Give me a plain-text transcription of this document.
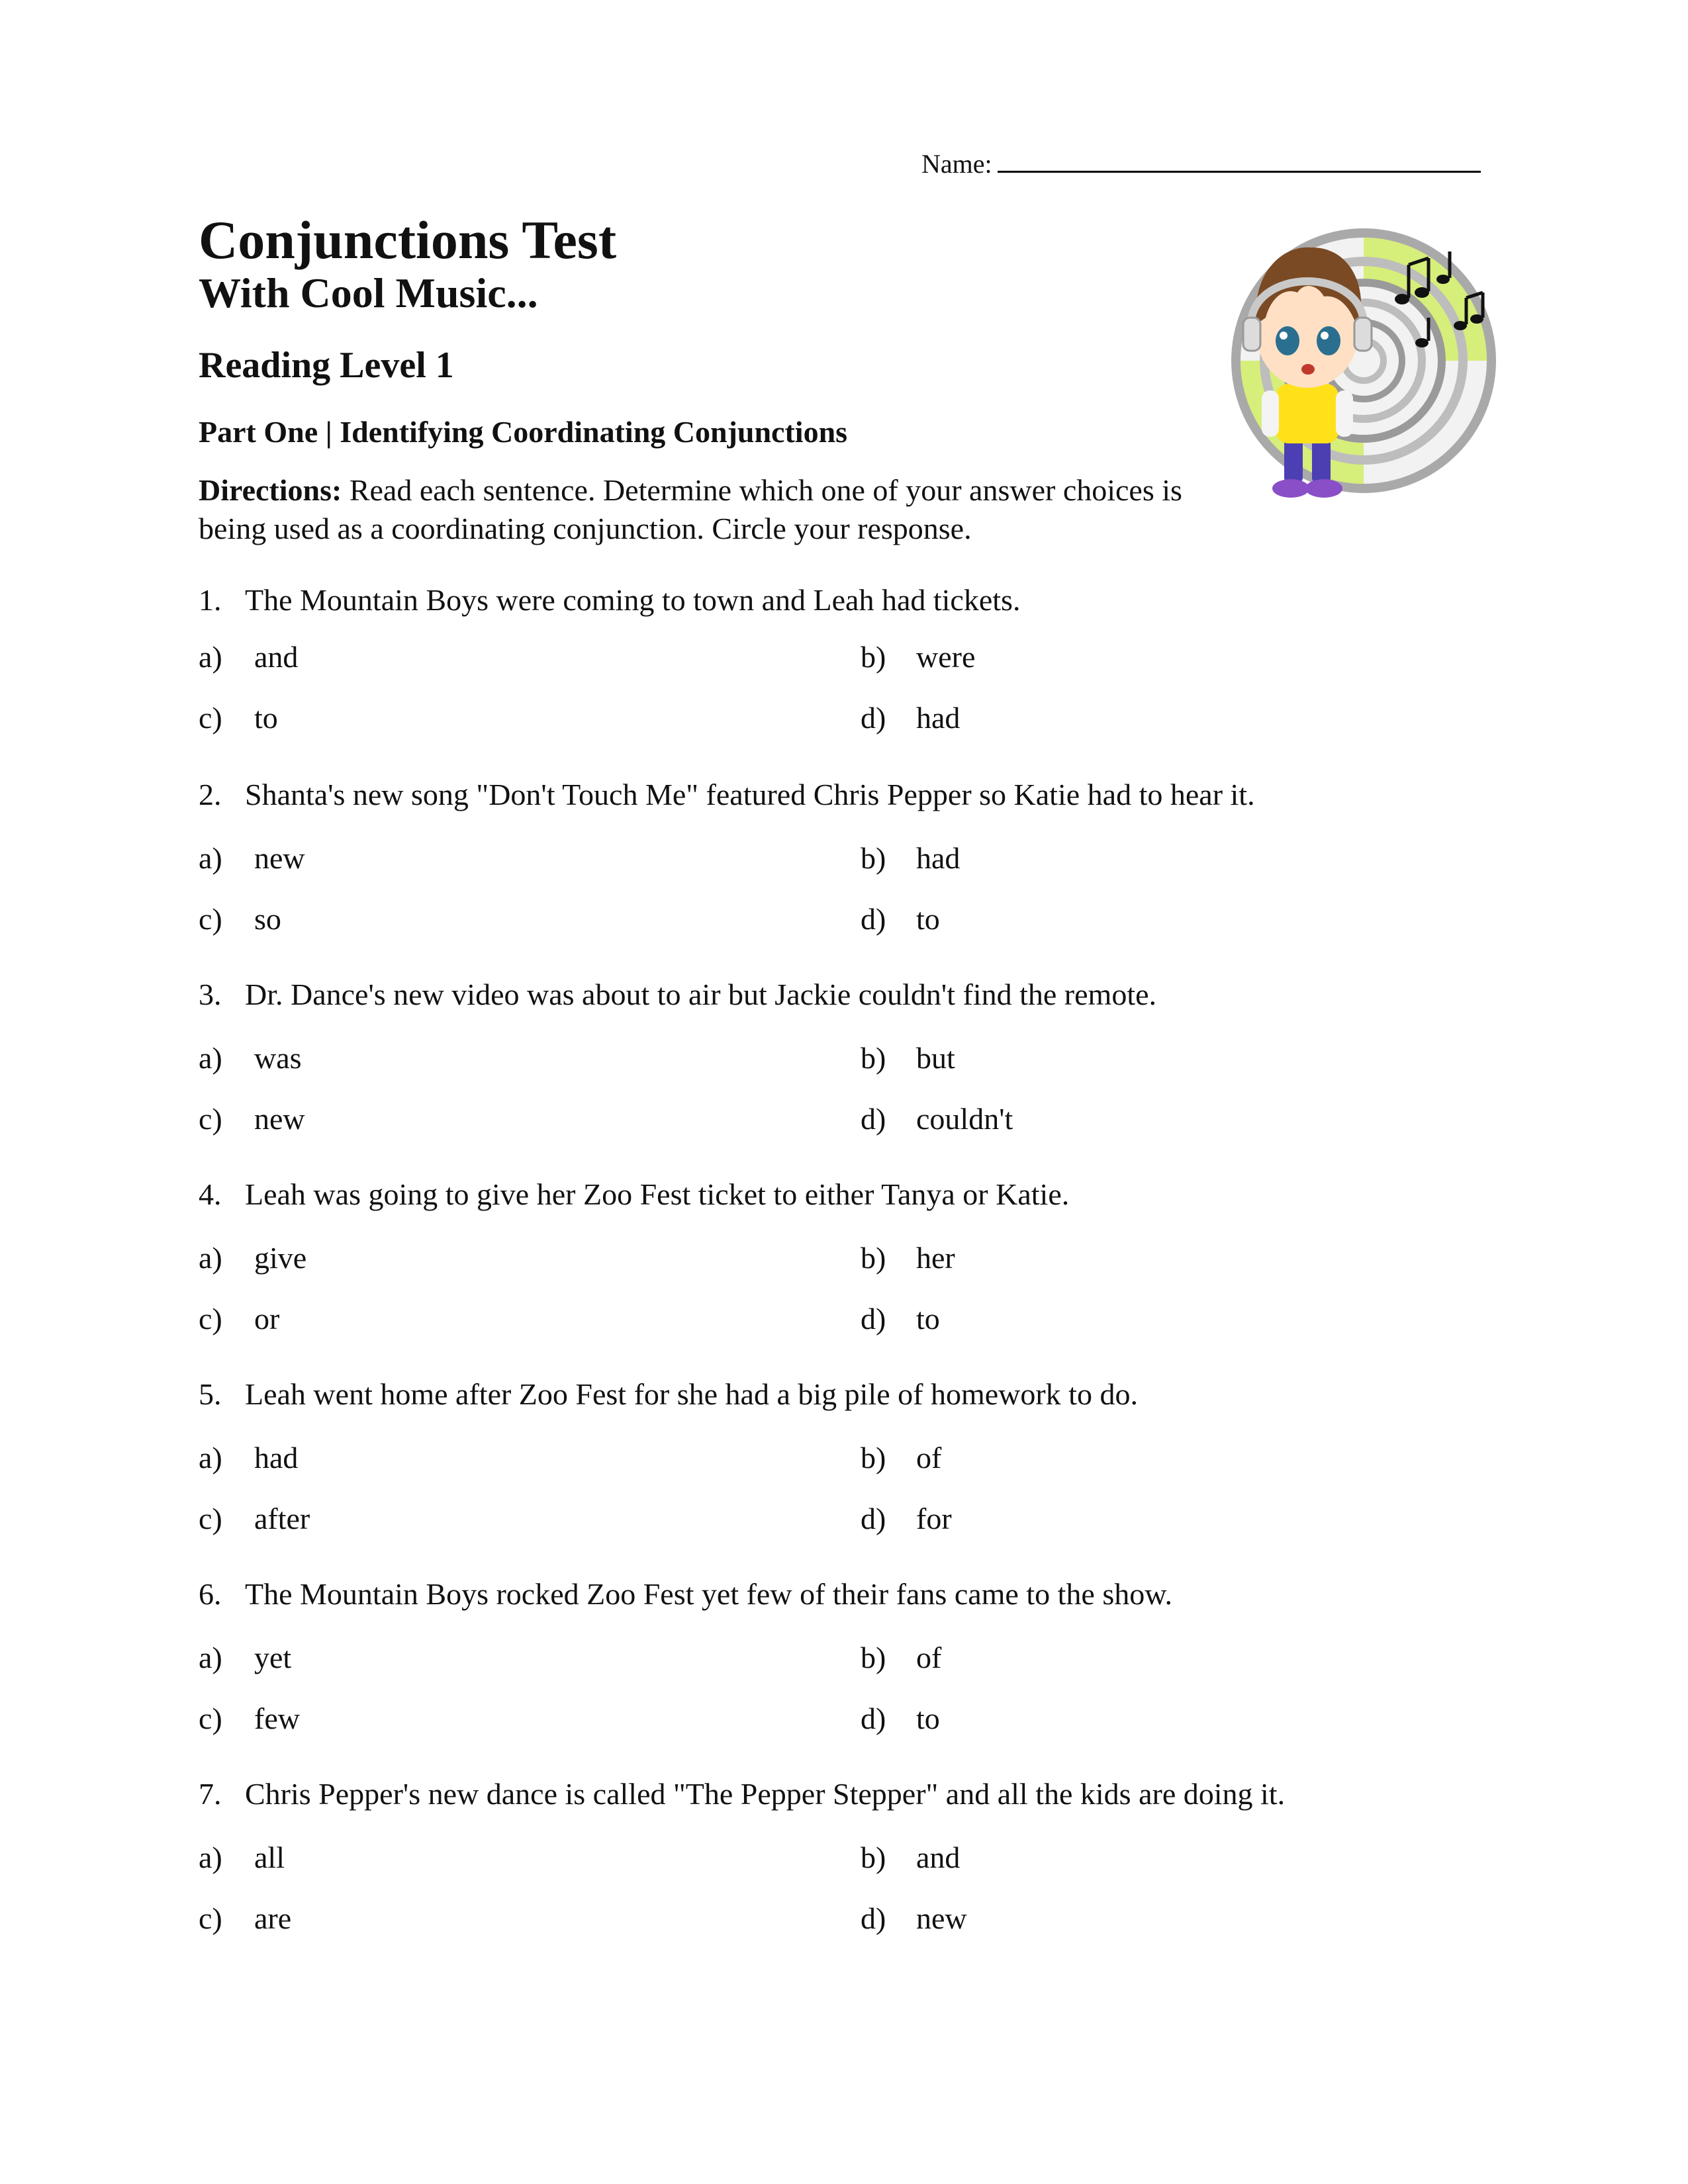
Name:
Conjunctions Test
With Cool Music...
Reading Level 1
Part One | Identifying Coordinating Conjunctions
Directions: Read each sentence. Determine which one of your answer choices is being used as a coordinating conjunction. Circle your response.
1. The Mountain Boys were coming to town and Leah had tickets.
a) and	b) were
c) to	d) had
2. Shanta's new song "Don't Touch Me" featured Chris Pepper so Katie had to hear it.
a) new	b) had
c) so	d) to
3. Dr. Dance's new video was about to air but Jackie couldn't find the remote.
a) was	b) but
c) new	d) couldn't
4. Leah was going to give her Zoo Fest ticket to either Tanya or Katie.
a) give	b) her
c) or	d) to
5. Leah went home after Zoo Fest for she had a big pile of homework to do.
a) had	b) of
c) after	d) for
6. The Mountain Boys rocked Zoo Fest yet few of their fans came to the show.
a) yet	b) of
c) few	d) to
7. Chris Pepper's new dance is called "The Pepper Stepper" and all the kids are doing it.
a) all	b) and
c) are	d) new
